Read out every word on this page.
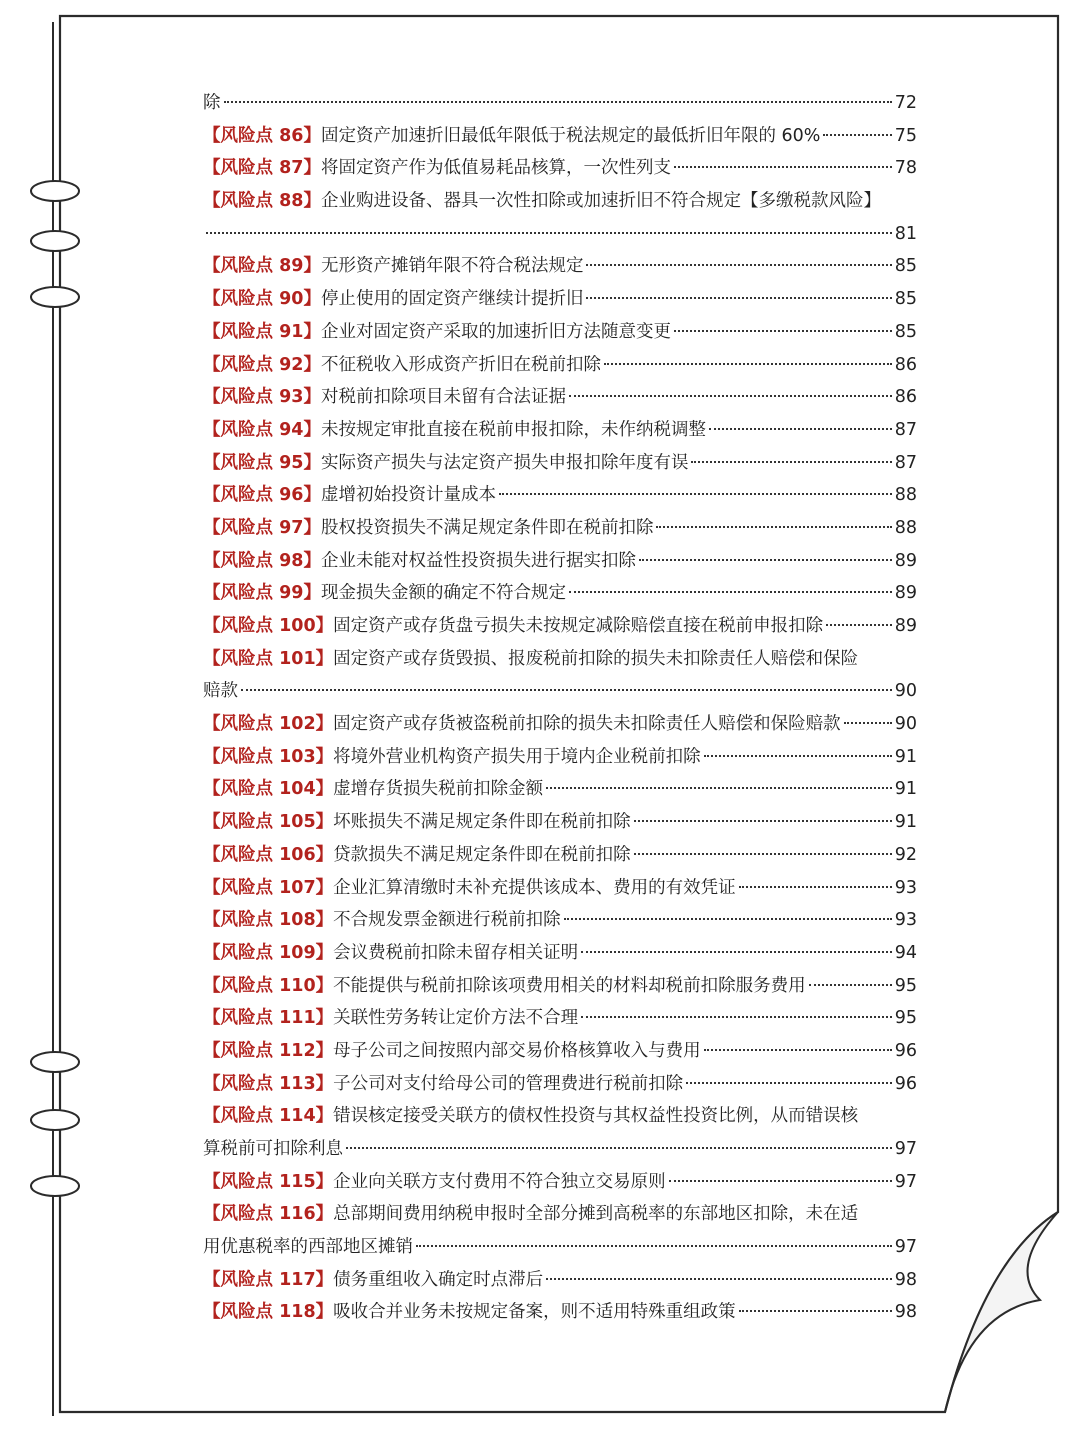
除	72
【风险点 86】 固定资产加速折旧最低年限低于税法规定的最低折旧年限的 60%	75
【风险点 87】 将固定资产作为低值易耗品核算，一次性列支	78
【风险点 88】 企业购进设备、器具一次性扣除或加速折旧不符合规定【多缴税款风险】
81
【风险点 89】 无形资产摊销年限不符合税法规定	85
【风险点 90】 停止使用的固定资产继续计提折旧	85
【风险点 91】 企业对固定资产采取的加速折旧方法随意变更	85
【风险点 92】 不征税收入形成资产折旧在税前扣除	86
【风险点 93】 对税前扣除项目未留有合法证据	86
【风险点 94】 未按规定审批直接在税前申报扣除，未作纳税调整	87
【风险点 95】 实际资产损失与法定资产损失申报扣除年度有误	87
【风险点 96】 虚增初始投资计量成本	88
【风险点 97】 股权投资损失不满足规定条件即在税前扣除	88
【风险点 98】 企业未能对权益性投资损失进行据实扣除	89
【风险点 99】 现金损失金额的确定不符合规定	89
【风险点 100】 固定资产或存货盘亏损失未按规定减除赔偿直接在税前申报扣除	89
【风险点 101】 固定资产或存货毁损、报废税前扣除的损失未扣除责任人赔偿和保险
赔款	90
【风险点 102】 固定资产或存货被盗税前扣除的损失未扣除责任人赔偿和保险赔款	90
【风险点 103】 将境外营业机构资产损失用于境内企业税前扣除	91
【风险点 104】 虚增存货损失税前扣除金额	91
【风险点 105】 坏账损失不满足规定条件即在税前扣除	91
【风险点 106】 贷款损失不满足规定条件即在税前扣除	92
【风险点 107】 企业汇算清缴时未补充提供该成本、费用的有效凭证	93
【风险点 108】 不合规发票金额进行税前扣除	93
【风险点 109】 会议费税前扣除未留存相关证明	94
【风险点 110】 不能提供与税前扣除该项费用相关的材料却税前扣除服务费用	95
【风险点 111】 关联性劳务转让定价方法不合理	95
【风险点 112】 母子公司之间按照内部交易价格核算收入与费用	96
【风险点 113】 子公司对支付给母公司的管理费进行税前扣除	96
【风险点 114】 错误核定接受关联方的债权性投资与其权益性投资比例，从而错误核
算税前可扣除利息	97
【风险点 115】 企业向关联方支付费用不符合独立交易原则	97
【风险点 116】 总部期间费用纳税申报时全部分摊到高税率的东部地区扣除，未在适
用优惠税率的西部地区摊销	97
【风险点 117】 债务重组收入确定时点滞后	98
【风险点 118】 吸收合并业务未按规定备案，则不适用特殊重组政策	98
